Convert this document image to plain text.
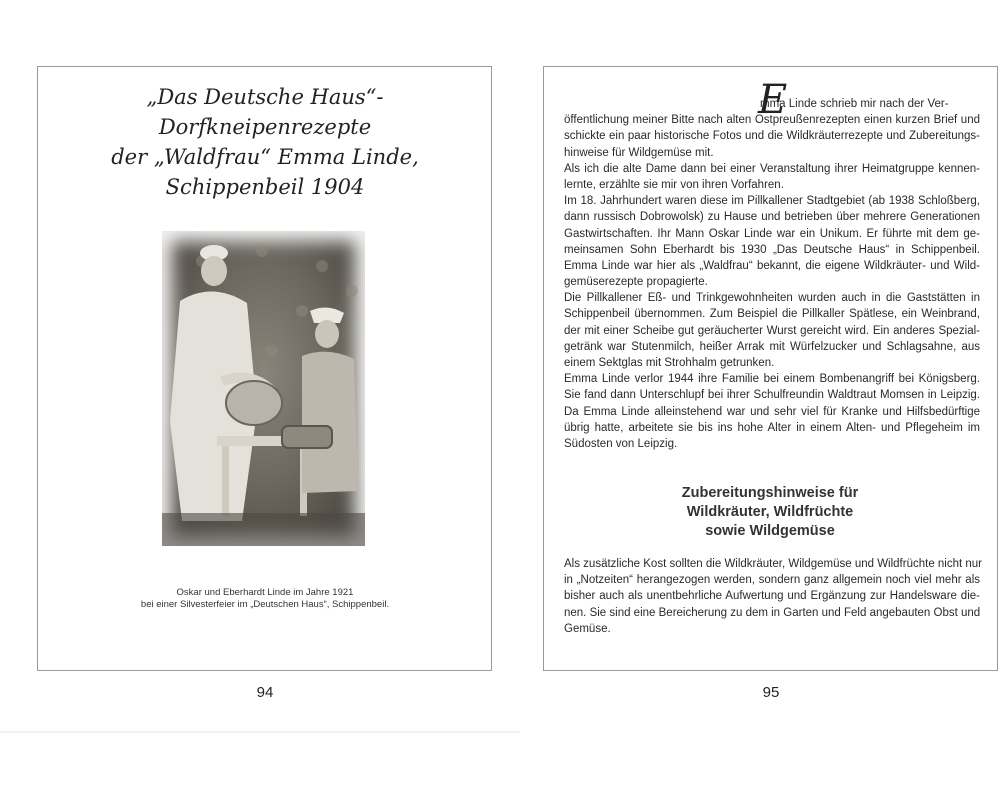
„Das Deutsche Haus“-
Dorfkneipenrezepte
der „Waldfrau“ Emma Linde,
Schippenbeil 1904
Oskar und Eberhardt Linde im Jahre 1921
bei einer Silvesterfeier im „Deutschen Haus“, Schippenbeil.
94	95
E
mma Linde schrieb mir nach der Ver-
öffentlichung meiner Bitte nach alten Ostpreußenrezepten einen kurzen Brief und
schickte ein paar historische Fotos und die Wildkräuterrezepte und Zubereitungs-
hinweise für Wildgemüse mit.
Als ich die alte Dame dann bei einer Veranstaltung ihrer Heimatgruppe kennen-
lernte, erzählte sie mir von ihren Vorfahren.
Im 18. Jahrhundert waren diese im Pillkallener Stadtgebiet (ab 1938 Schloßberg,
dann russisch Dobrowolsk) zu Hause und betrieben über mehrere Generationen
Gastwirtschaften. Ihr Mann Oskar Linde war ein Unikum. Er führte mit dem ge-
meinsamen Sohn Eberhardt bis 1930 „Das Deutsche Haus“ in Schippenbeil.
Emma Linde war hier als „Waldfrau“ bekannt, die eigene Wildkräuter- und Wild-
gemüserezepte propagierte.
Die Pillkallener Eß- und Trinkgewohnheiten wurden auch in die Gaststätten in
Schippenbeil übernommen. Zum Beispiel die Pillkaller Spätlese, ein Weinbrand,
der mit einer Scheibe gut geräucherter Wurst gereicht wird. Ein anderes Spezial-
getränk war Stutenmilch, heißer Arrak mit Würfelzucker und Schlagsahne, aus
einem Sektglas mit Strohhalm getrunken.
Emma Linde verlor 1944 ihre Familie bei einem Bombenangriff bei Königsberg.
Sie fand dann Unterschlupf bei ihrer Schulfreundin Waldtraut Momsen in Leipzig.
Da Emma Linde alleinstehend war und sehr viel für Kranke und Hilfsbedürftige
übrig hatte, arbeitete sie bis ins hohe Alter in einem Alten- und Pflegeheim im
Südosten von Leipzig.
Zubereitungshinweise für
Wildkräuter, Wildfrüchte
sowie Wildgemüse
Als zusätzliche Kost sollten die Wildkräuter, Wildgemüse und Wildfrüchte nicht nur
in „Notzeiten“ herangezogen werden, sondern ganz allgemein noch viel mehr als
bisher auch als unentbehrliche Aufwertung und Ergänzung zur Handelsware die-
nen. Sie sind eine Bereicherung zu dem in Garten und Feld angebauten Obst und
Gemüse.
